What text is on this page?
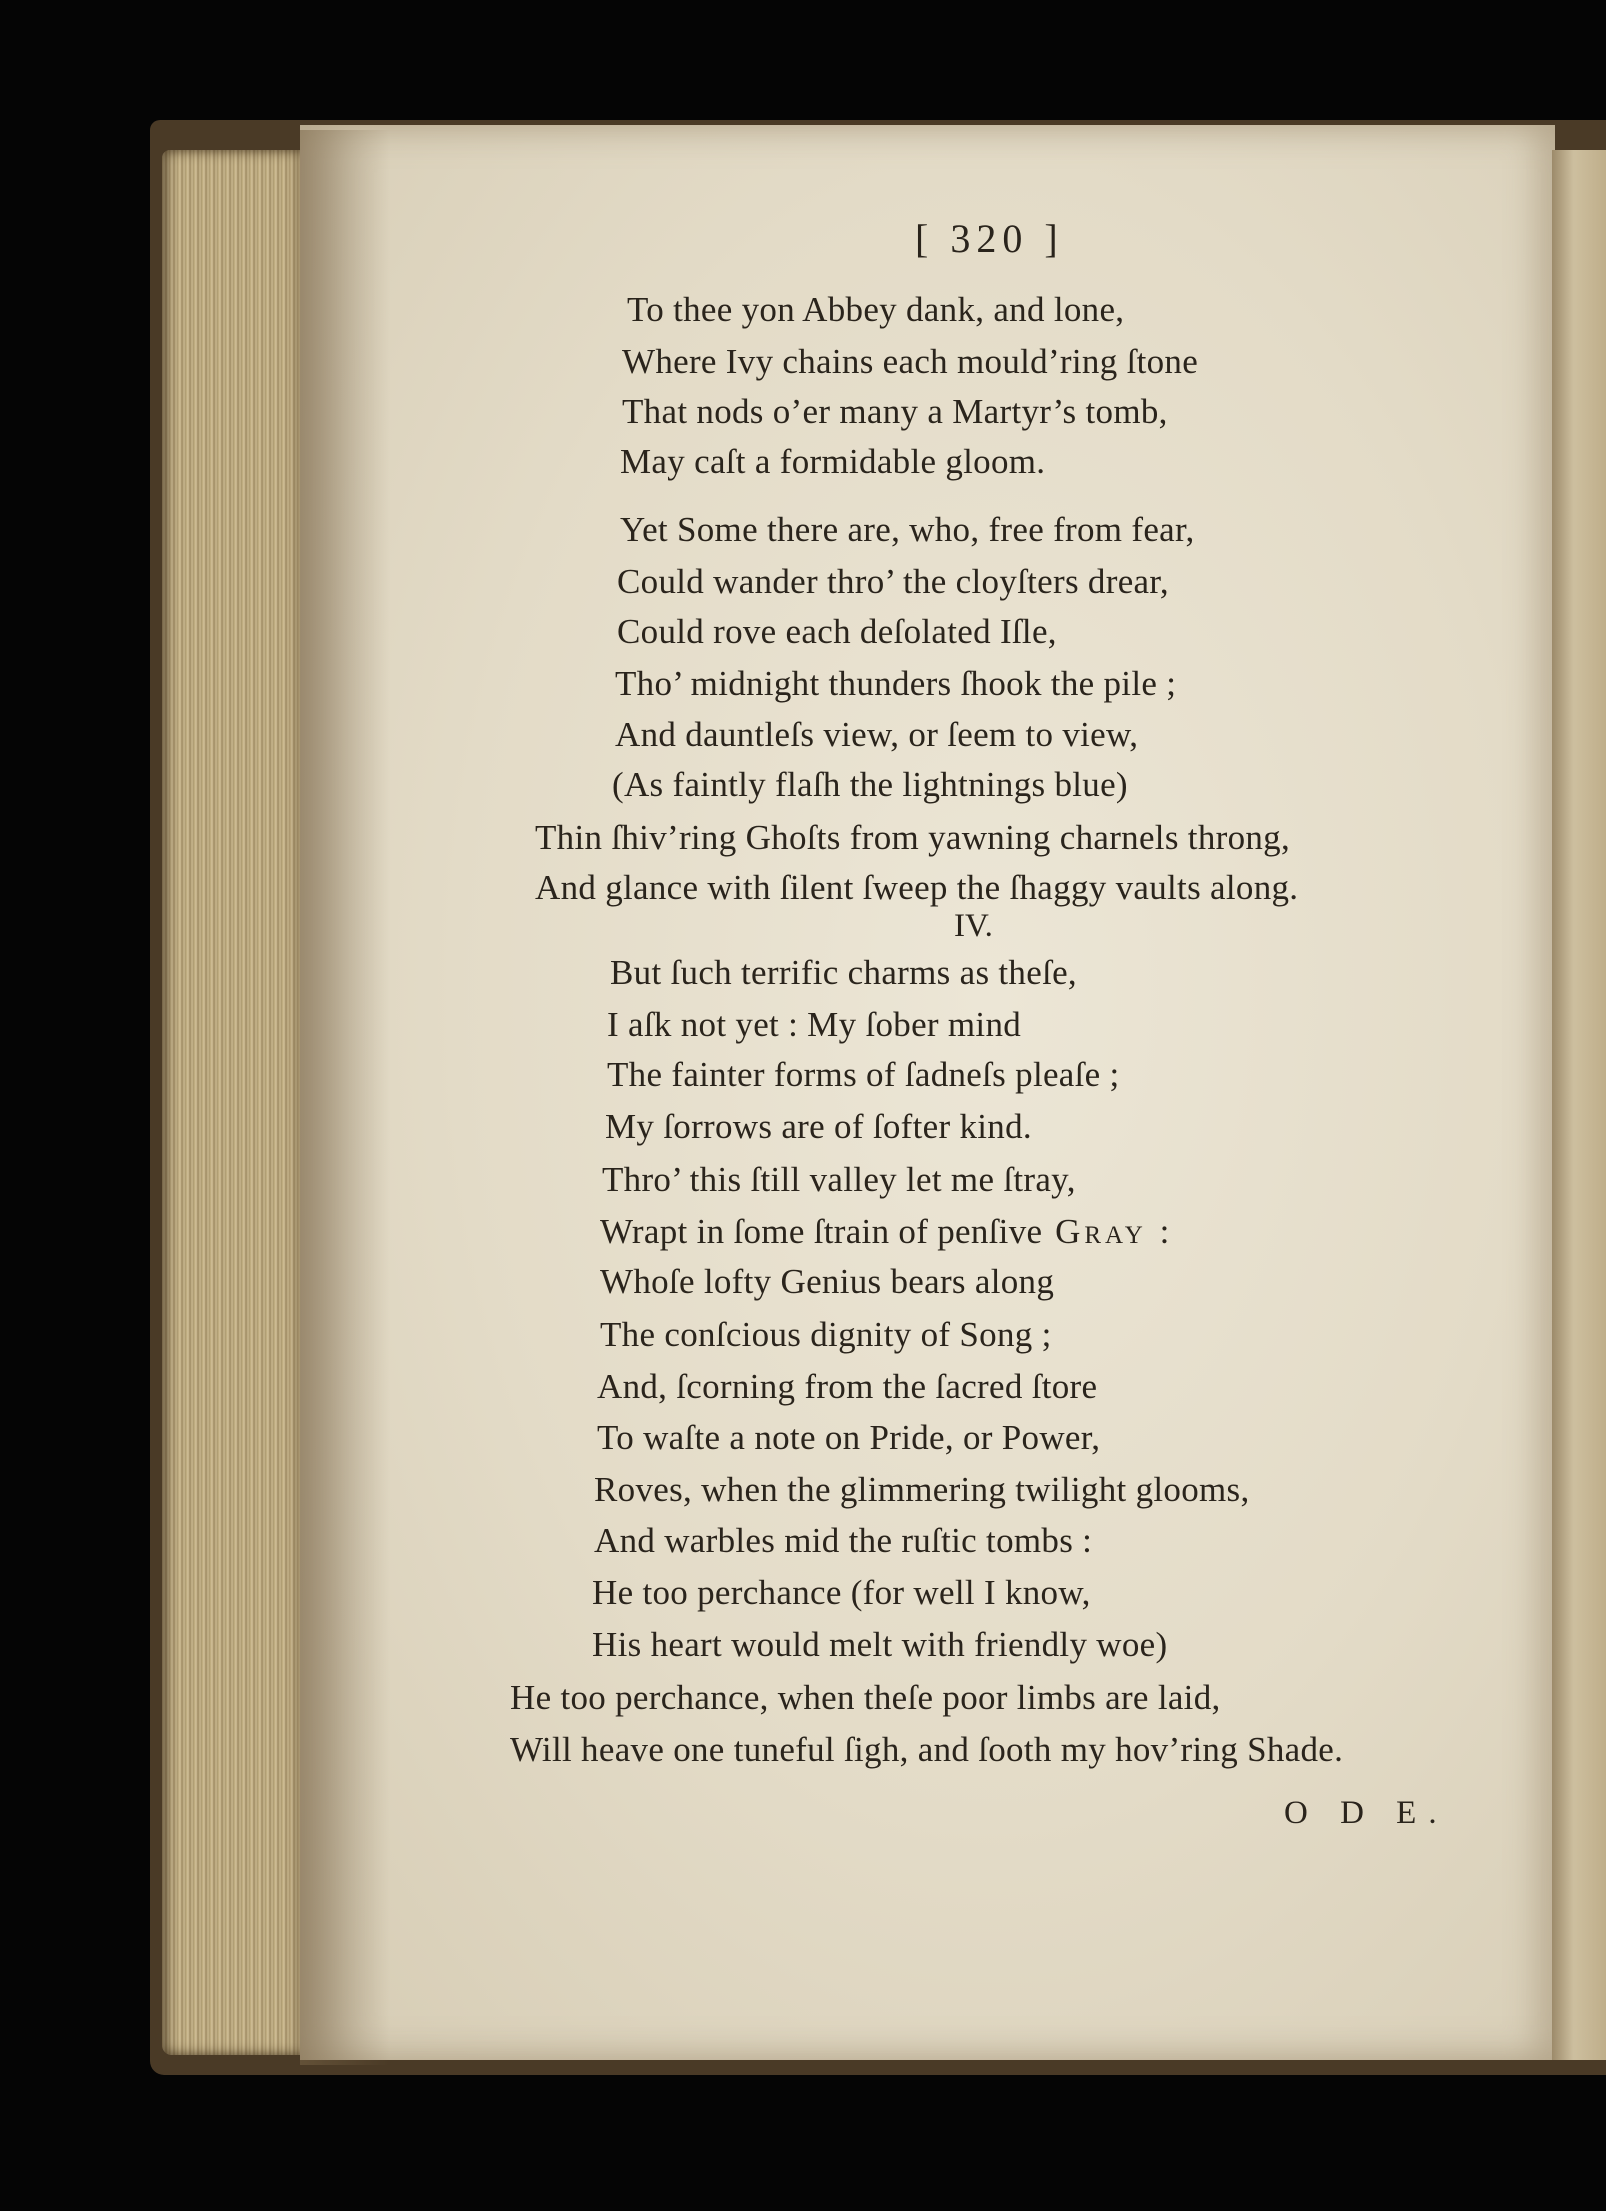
[ 320 ]
To thee yon Abbey dank, and lone,
Where Ivy chains each mould’ring ſtone
That nods o’er many a Martyr’s tomb,
May caſt a formidable gloom.
Yet Some there are, who, free from fear,
Could wander thro’ the cloyſters drear,
Could rove each deſolated Iſle,
Tho’ midnight thunders ſhook the pile ;
And dauntleſs view, or ſeem to view,
(As faintly flaſh the lightnings blue)
Thin ſhiv’ring Ghoſts from yawning charnels throng,
And glance with ſilent ſweep the ſhaggy vaults along.
IV.
But ſuch terrific charms as theſe,
I aſk not yet : My ſober mind
The fainter forms of ſadneſs pleaſe ;
My ſorrows are of ſofter kind.
Thro’ this ſtill valley let me ſtray,
Wrapt in ſome ſtrain of penſive Gray :
Whoſe lofty Genius bears along
The conſcious dignity of Song ;
And, ſcorning from the ſacred ſtore
To waſte a note on Pride, or Power,
Roves, when the glimmering twilight glooms,
And warbles mid the ruſtic tombs :
He too perchance (for well I know,
His heart would melt with friendly woe)
He too perchance, when theſe poor limbs are laid,
Will heave one tuneful ſigh, and ſooth my hov’ring Shade.
O D E.
